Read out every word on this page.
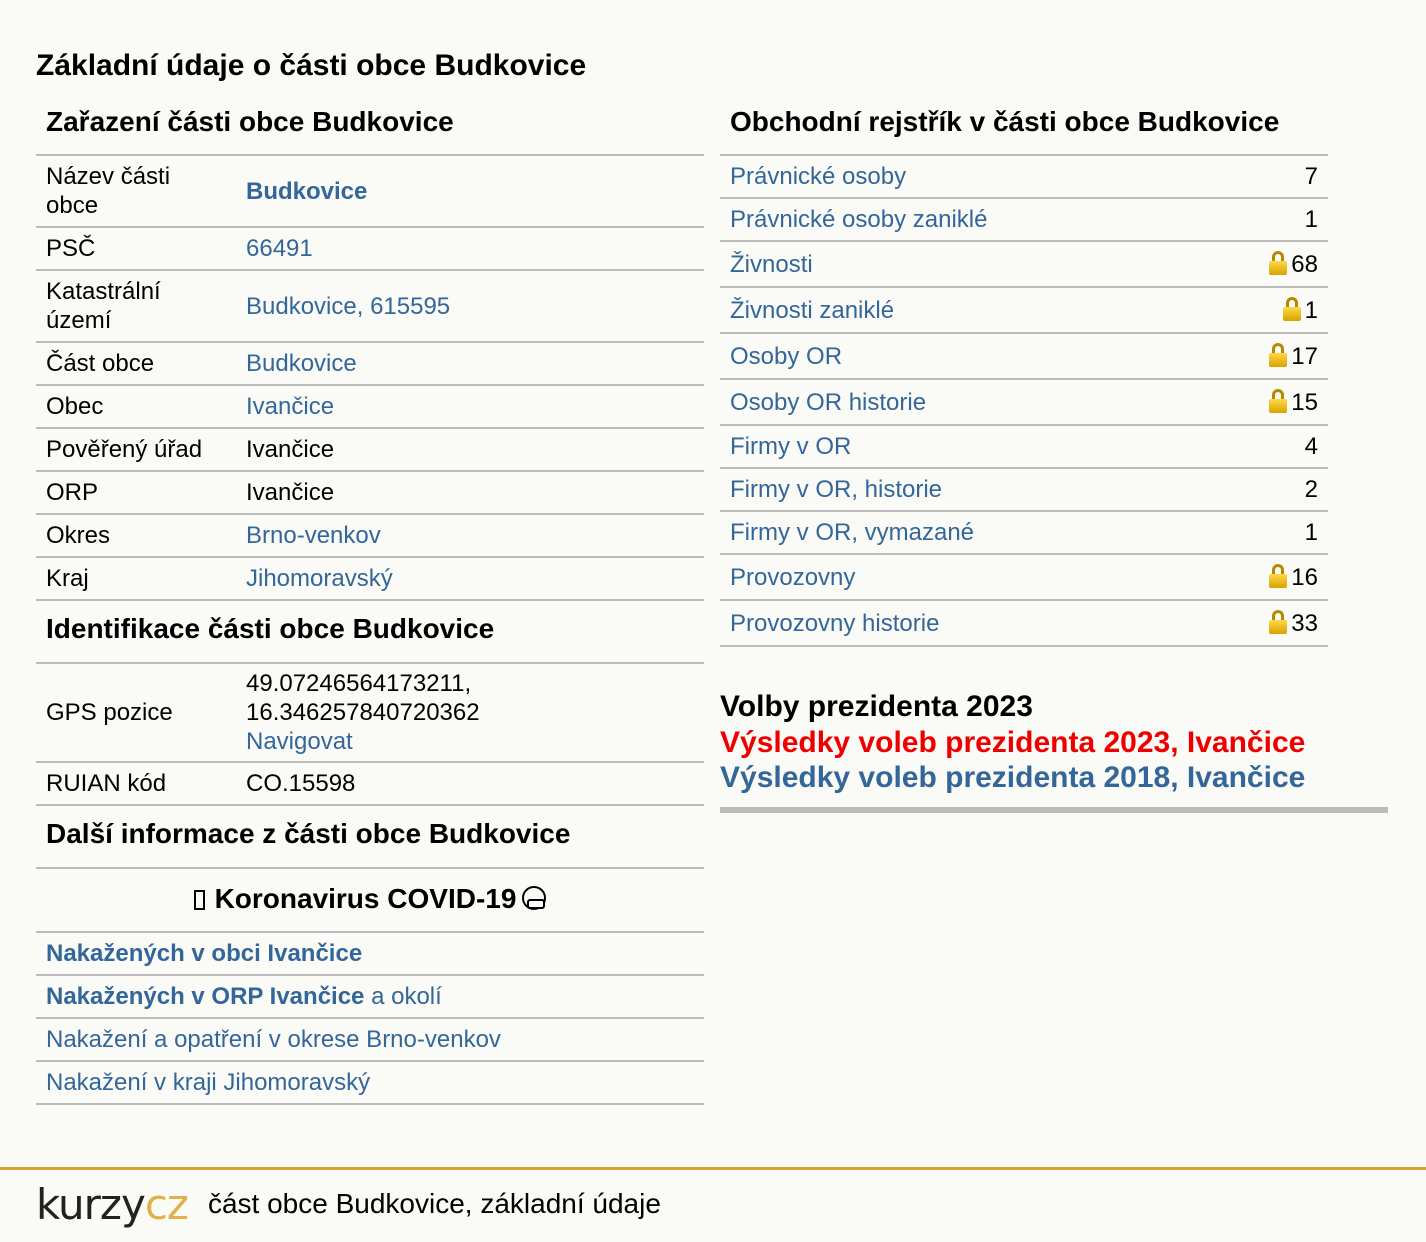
Základní údaje o části obce Budkovice
Zařazení části obce Budkovice
Název části obce	Budkovice
PSČ	66491
Katastrální území	Budkovice, 615595
Část obce	Budkovice
Obec	Ivančice
Pověřený úřad	Ivančice
ORP	Ivančice
Okres	Brno-venkov
Kraj	Jihomoravský
Identifikace části obce Budkovice
GPS pozice	49.07246564173211,
16.346257840720362
Navigovat
RUIAN kód	CO.15598
Další informace z části obce Budkovice
Koronavirus COVID-19
Nakažených v obci Ivančice
Nakažených v ORP Ivančice a okolí
Nakažení a opatření v okrese Brno-venkov
Nakažení v kraji Jihomoravský
Obchodní rejstřík v části obce Budkovice
Právnické osoby	7
Právnické osoby zaniklé	1
Živnosti	68
Živnosti zaniklé	1
Osoby OR	17
Osoby OR historie	15
Firmy v OR	4
Firmy v OR, historie	2
Firmy v OR, vymazané	1
Provozovny	16
Provozovny historie	33
Volby prezidenta 2023
Výsledky voleb prezidenta 2023, Ivančice
Výsledky voleb prezidenta 2018, Ivančice
kurzycz část obce Budkovice, základní údaje
